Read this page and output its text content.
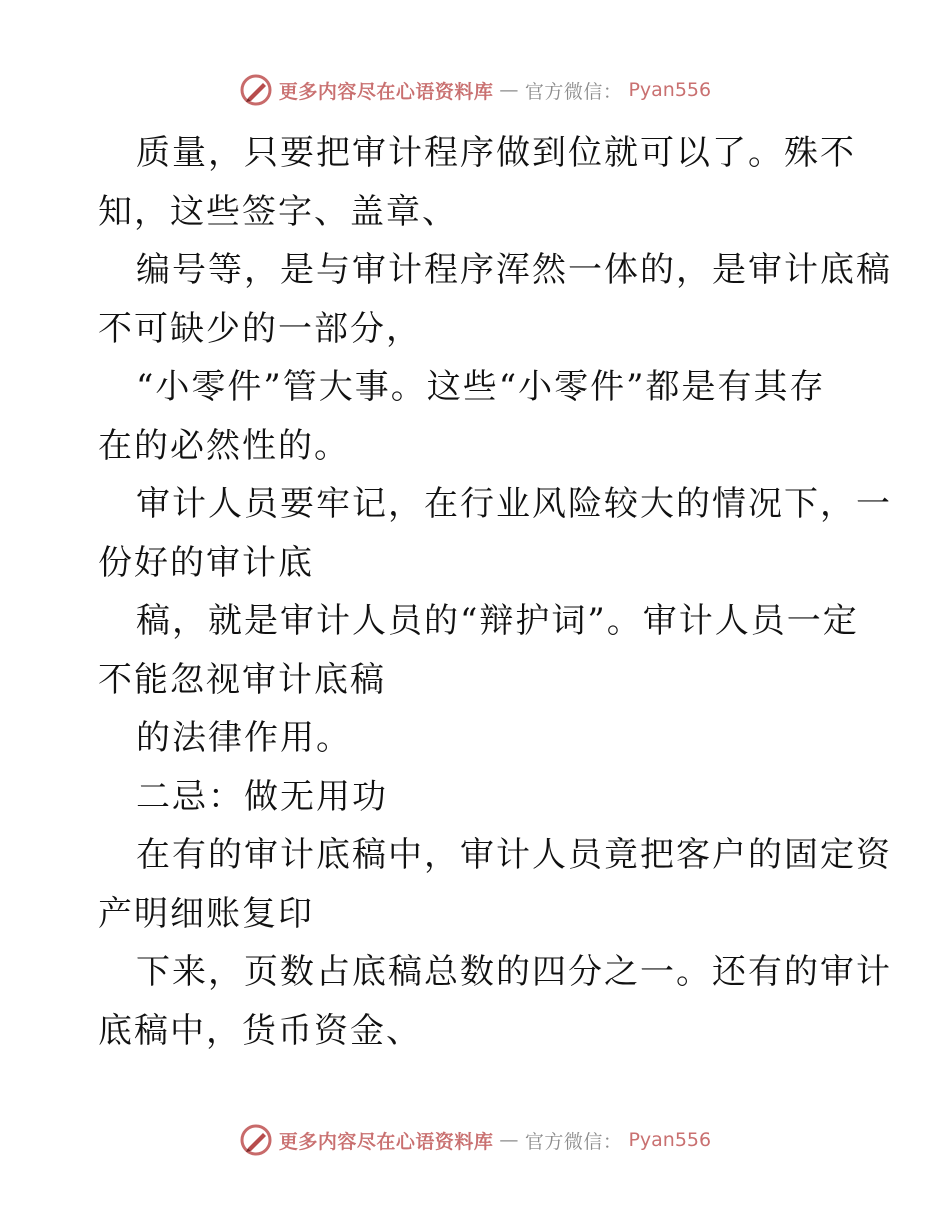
更多内容尽在心语资料库 — 官方微信： Pyan556
质量，只要把审计程序做到位就可以了。殊不
知，这些签字、盖章、
编号等，是与审计程序浑然一体的，是审计底稿
不可缺少的一部分，
“小零件”管大事。这些“小零件”都是有其存
在的必然性的。
审计人员要牢记，在行业风险较大的情况下，一
份好的审计底
稿，就是审计人员的“辩护词”。审计人员一定
不能忽视审计底稿
的法律作用。
二忌：做无用功
在有的审计底稿中，审计人员竟把客户的固定资
产明细账复印
下来，页数占底稿总数的四分之一。还有的审计
底稿中，货币资金、
更多内容尽在心语资料库 — 官方微信： Pyan556
